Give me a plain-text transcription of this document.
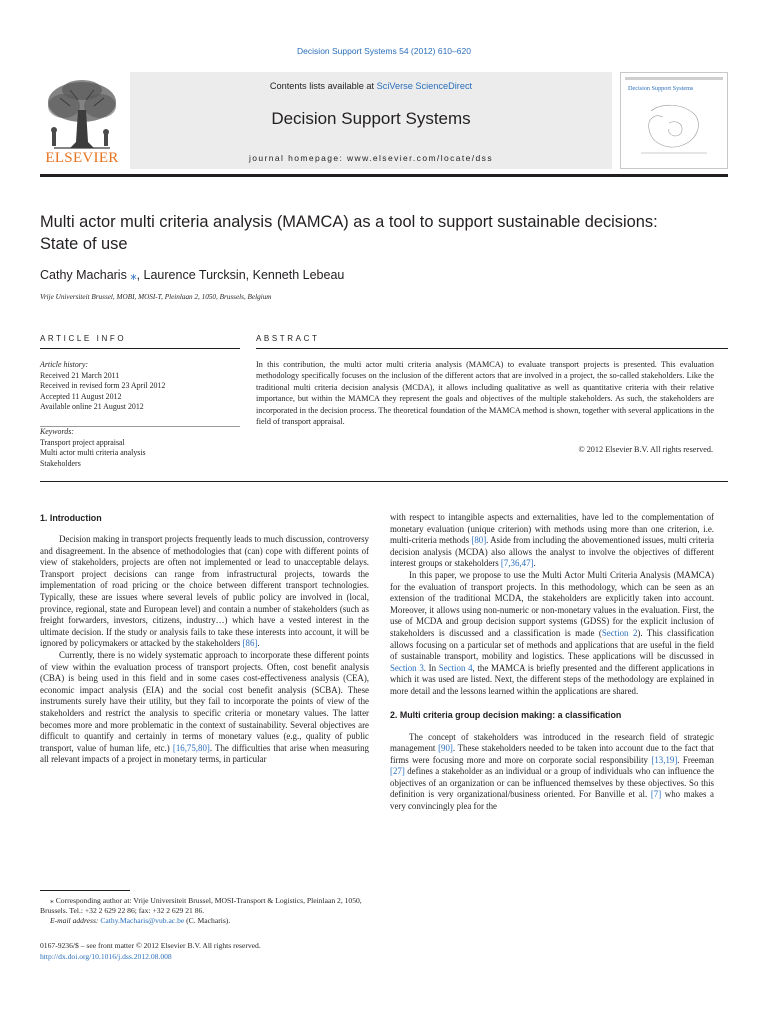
Decision Support Systems 54 (2012) 610–620
Contents lists available at SciVerse ScienceDirect
Decision Support Systems
journal homepage: www.elsevier.com/locate/dss
ELSEVIER
Decision Support Systems
Multi actor multi criteria analysis (MAMCA) as a tool to support sustainable decisions: State of use
Cathy Macharis ⁎, Laurence Turcksin, Kenneth Lebeau
Vrije Universiteit Brussel, MOBI, MOSI-T, Pleinlaan 2, 1050, Brussels, Belgium
ARTICLE INFO	ABSTRACT
Article history:
Received 21 March 2011
Received in revised form 23 April 2012
Accepted 11 August 2012
Available online 21 August 2012
Keywords:
Transport project appraisal
Multi actor multi criteria analysis
Stakeholders
In this contribution, the multi actor multi criteria analysis (MAMCA) to evaluate transport projects is presented. This evaluation methodology specifically focuses on the inclusion of the different actors that are involved in a project, the so-called stakeholders. Like the traditional multi criteria decision analysis (MCDA), it allows including qualitative as well as quantitative criteria with their relative importance, but within the MAMCA they represent the goals and objectives of the multiple stakeholders. As such, the stakeholders are incorporated in the decision process. The theoretical foundation of the MAMCA method is shown, together with several applications in the field of transport appraisal.
© 2012 Elsevier B.V. All rights reserved.
1. Introduction

Decision making in transport projects frequently leads to much discussion, controversy and disagreement. In the absence of methodologies that (can) cope with different points of view of stakeholders, projects are often not implemented or lead to unacceptable delays. Transport project decisions can range from infrastructural projects, towards the implementation of road pricing or the choice between different transport technologies. Typically, these are issues where several levels of public policy are involved in (local, province, regional, state and European level) and contain a number of stakeholders (such as freight forwarders, investors, citizens, industry…) which have a vested interest in the ultimate decision. If the study or analysis fails to take these interests into account, it will be ignored by policymakers or attacked by the stakeholders [86].

Currently, there is no widely systematic approach to incorporate these different points of view within the evaluation process of transport projects. Often, cost benefit analysis (CBA) is being used in this field and in some cases cost-effectiveness analysis (CEA), economic impact analysis (EIA) and the social cost benefit analysis (SCBA). These instruments surely have their utility, but they fail to incorporate the points of view of the stakeholders and restrict the analysis to specific criteria or monetary values. The latter becomes more and more problematic in the context of sustainability. Several objectives are difficult to quantify and certainly in terms of monetary values (e.g., quality of public transport, value of human life, etc.) [16,75,80]. The difficulties that arise when measuring all relevant impacts of a project in monetary terms, in particular

with respect to intangible aspects and externalities, have led to the complementation of monetary evaluation (unique criterion) with methods using more than one criterion, i.e. multi-criteria methods [80]. Aside from including the abovementioned issues, multi criteria decision analysis (MCDA) also allows the analyst to involve the objectives of different interest groups or stakeholders [7,36,47].

In this paper, we propose to use the Multi Actor Multi Criteria Analysis (MAMCA) for the evaluation of transport projects. In this methodology, which can be seen as an extension of the traditional MCDA, the stakeholders are explicitly taken into account. Moreover, it allows using non-numeric or non-monetary values in the evaluation. First, the use of MCDA and group decision support systems (GDSS) for the explicit inclusion of stakeholders is discussed and a classification is made (Section 2). This classification allows focusing on a particular set of methods and applications that are useful in the field of sustainable transport, mobility and logistics. These applications will be discussed in Section 3. In Section 4, the MAMCA is briefly presented and the different applications in which it was used are listed. Next, the different steps of the methodology are explained in more detail and the lessons learned within the applications are shared.

2. Multi criteria group decision making: a classification

The concept of stakeholders was introduced in the research field of strategic management [90]. These stakeholders needed to be taken into account due to the fact that firms were focusing more and more on corporate social responsibility [13,19]. Freeman [27] defines a stakeholder as an individual or a group of individuals who can influence the objectives of an organization or can be influenced themselves by these objectives. So this definition is very organizational/business oriented. For Banville et al. [7] who makes a very convincingly plea for the

⁎ Corresponding author at: Vrije Universiteit Brussel, MOSI-Transport & Logistics, Pleinlaan 2, 1050, Brussels. Tel.: +32 2 629 22 86; fax: +32 2 629 21 86.

E-mail address: Cathy.Macharis@vub.ac.be (C. Macharis).

0167-9236/$ – see front matter © 2012 Elsevier B.V. All rights reserved.
http://dx.doi.org/10.1016/j.dss.2012.08.008
